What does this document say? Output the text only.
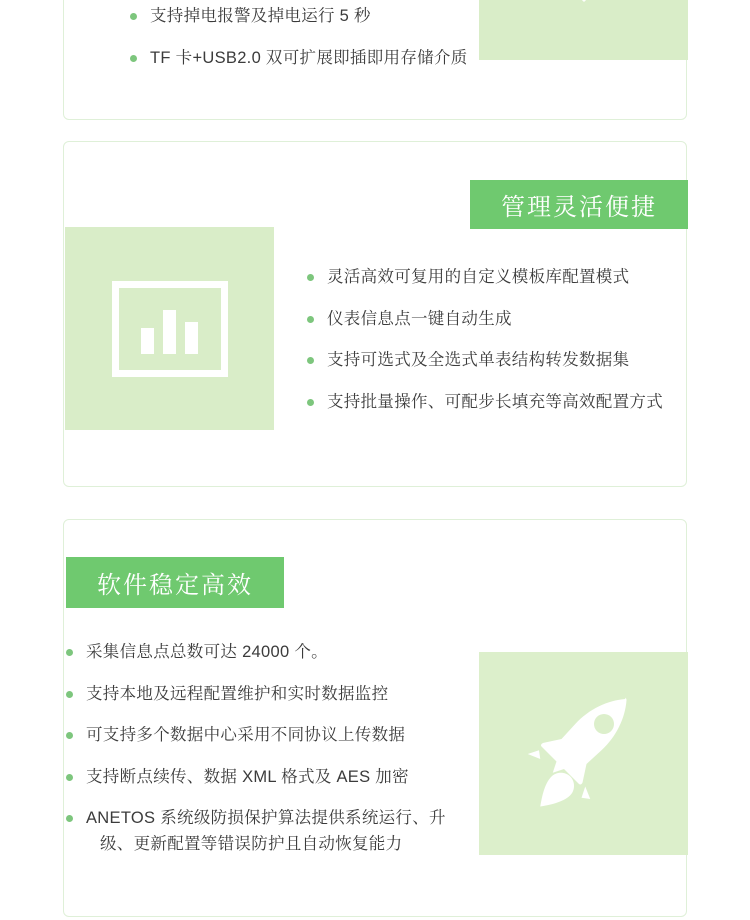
支持掉电报警及掉电运行 5 秒
TF 卡+USB2.0 双可扩展即插即用存储介质
管理灵活便捷
灵活高效可复用的自定义模板库配置模式
仪表信息点一键自动生成
支持可选式及全选式单表结构转发数据集
支持批量操作、可配步长填充等高效配置方式
软件稳定高效
采集信息点总数可达 24000 个。
支持本地及远程配置维护和实时数据监控
可支持多个数据中心采用不同协议上传数据
支持断点续传、数据 XML 格式及 AES 加密
ANETOS 系统级防损保护算法提供系统运行、升
级、更新配置等错误防护且自动恢复能力
